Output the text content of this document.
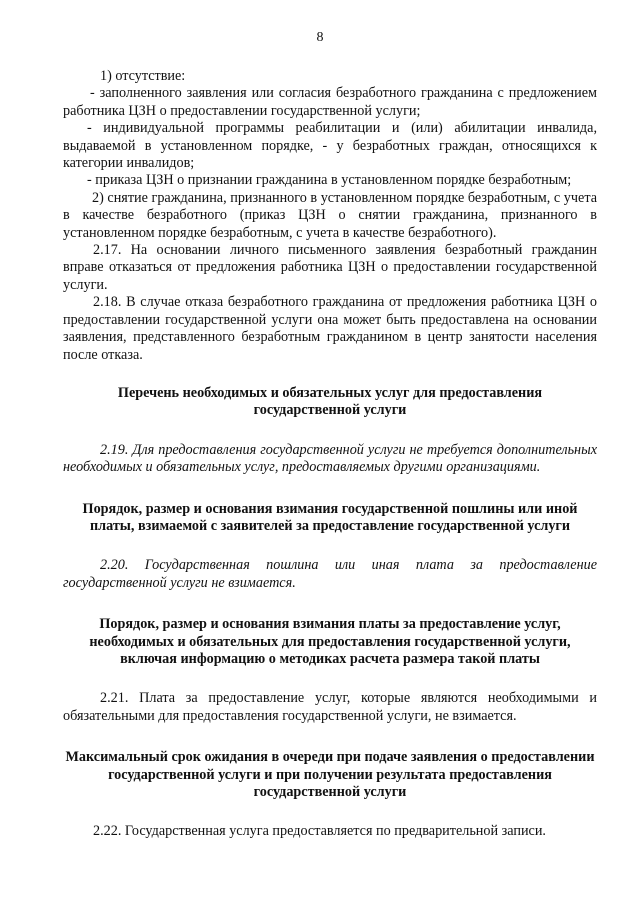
8

1) отсутствие:

- заполненного заявления или согласия безработного гражданина с предложением работника ЦЗН о предоставлении государственной услуги;

- индивидуальной программы реабилитации и (или) абилитации инвалида, выдаваемой в установленном порядке, - у безработных граждан, относящихся к категории инвалидов;

- приказа ЦЗН о признании гражданина в установленном порядке безработным;

2) снятие гражданина, признанного в установленном порядке безработным, с учета в качестве безработного (приказ ЦЗН о снятии гражданина, признанного в установленном порядке безработным, с учета в качестве безработного).

2.17. На основании личного письменного заявления безработный гражданин вправе отказаться от предложения работника ЦЗН о предоставлении государственной услуги.

2.18. В случае отказа безработного гражданина от предложения работника ЦЗН о предоставлении государственной услуги она может быть предоставлена на основании заявления, представленного безработным гражданином в центр занятости населения после отказа.

Перечень необходимых и обязательных услуг для предоставления государственной услуги

2.19. Для предоставления государственной услуги не требуется дополнительных необходимых и обязательных услуг, предоставляемых другими организациями.

Порядок, размер и основания взимания государственной пошлины или иной платы, взимаемой с заявителей за предоставление государственной услуги

2.20. Государственная пошлина или иная плата за предоставление государственной услуги не взимается.

Порядок, размер и основания взимания платы за предоставление услуг, необходимых и обязательных для предоставления государственной услуги, включая информацию о методиках расчета размера такой платы

2.21. Плата за предоставление услуг, которые являются необходимыми и обязательными для предоставления государственной услуги, не взимается.

Максимальный срок ожидания в очереди при подаче заявления о предоставлении государственной услуги и при получении результата предоставления государственной услуги

2.22. Государственная услуга предоставляется по предварительной записи.
